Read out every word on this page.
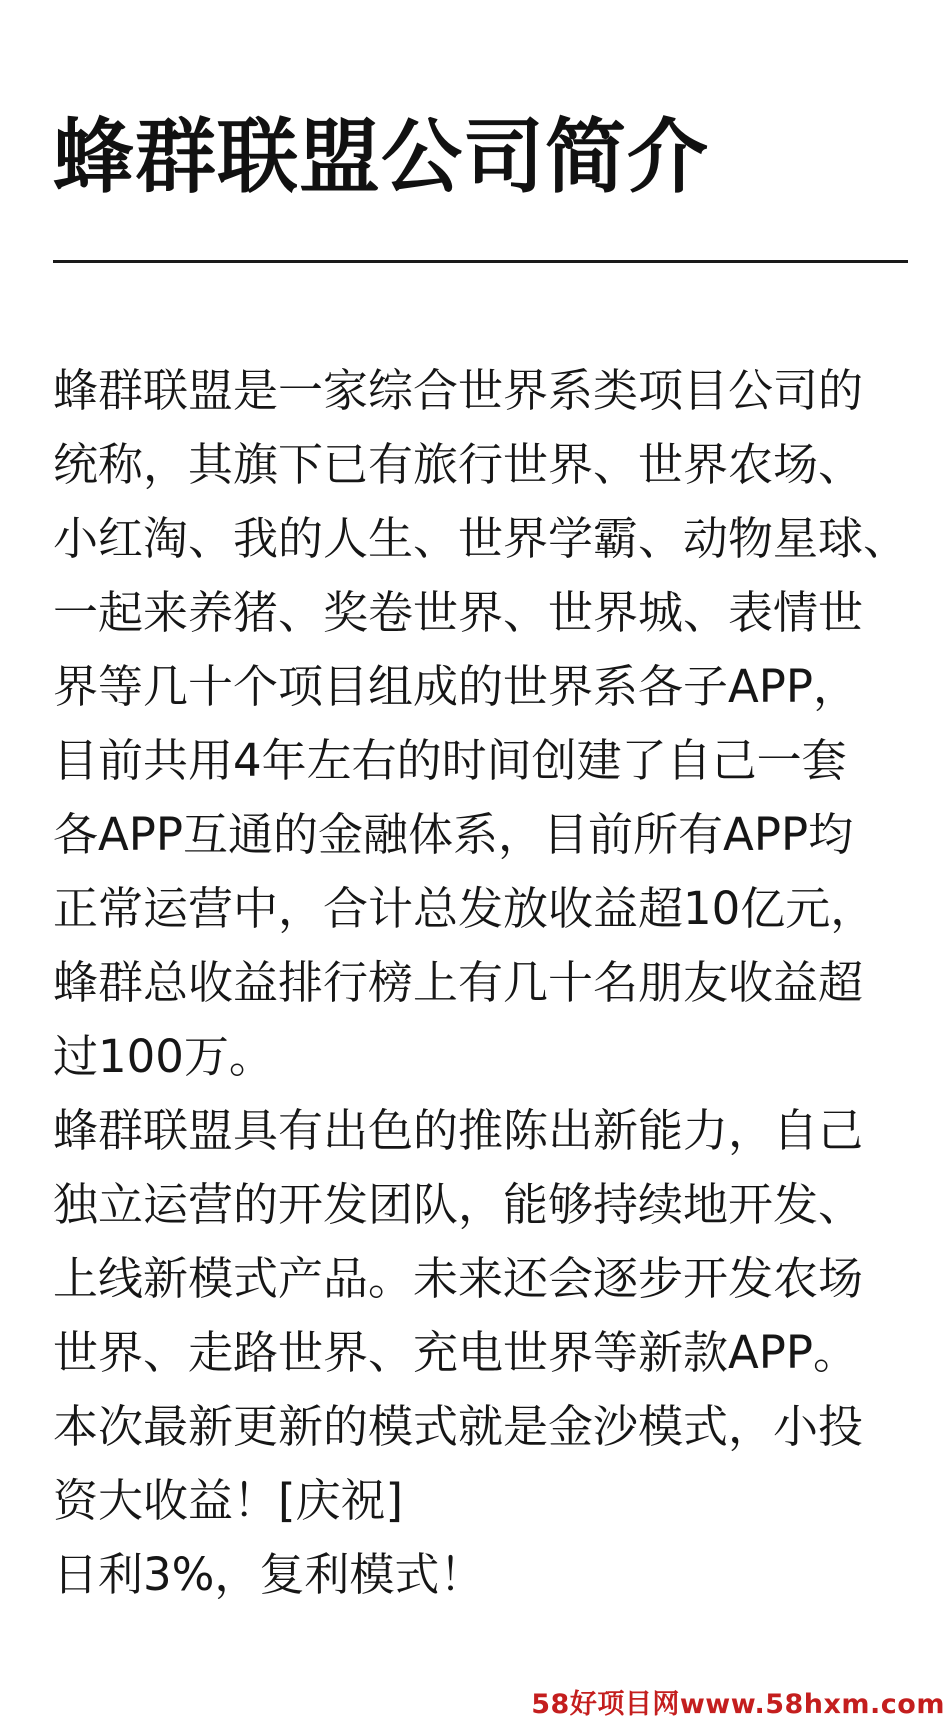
蜂群联盟公司简介
蜂群联盟是一家综合世界系类项目公司的
统称，其旗下已有旅行世界、世界农场、
小红淘、我的人生、世界学霸、动物星球、
一起来养猪、奖卷世界、世界城、表情世
界等几十个项目组成的世界系各子APP，
目前共用4年左右的时间创建了自己一套
各APP互通的金融体系，目前所有APP均
正常运营中，合计总发放收益超10亿元，
蜂群总收益排行榜上有几十名朋友收益超
过100万。
蜂群联盟具有出色的推陈出新能力，自己
独立运营的开发团队，能够持续地开发、
上线新模式产品。未来还会逐步开发农场
世界、走路世界、充电世界等新款APP。
本次最新更新的模式就是金沙模式，小投
资大收益！[庆祝]
日利3%，复利模式！
58好项目网www.58hxm.com
